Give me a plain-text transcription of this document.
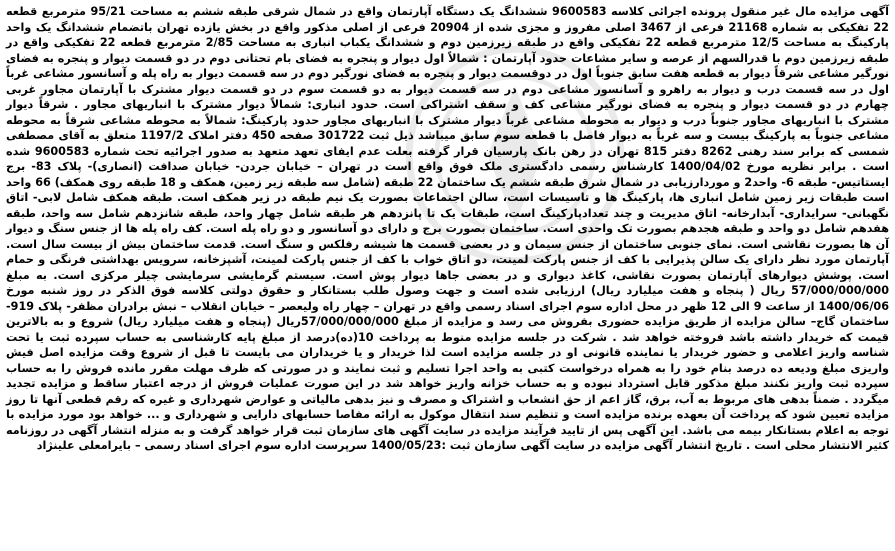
آگهی مزایده مال غیر منقول پرونده اجرائی کلاسه 9600583 ششدانگ یک دستگاه آپارتمان واقع در شمال شرقی طبقه ششم به مساحت 95/21 مترمربع قطعه 22 تفکیکی به شماره 21168 فرعی از 3467 اصلی مفروز و مجزی شده از 20904 فرعی از اصلی مذکور واقع در بخش یازده تهران باتضمام ششدانگ یک واحد پارکینگ به مساحت 12/5 مترمربع قطعه 22 تفکیکی واقع در طبقه زیرزمین دوم و ششدانگ یکباب انباری به مساحت 2/85 مترمربع قطعه 22 تفکیکی واقع در طبقه زیرزمین دوم با قدرالسهم از عرصه و سایر مشاعات حدود آپارتمان : شمالاً اول دیوار و پنجره به فضای بام تحتانی دوم در دو قسمت دیوار و پنجره به فضای نورگیر مشاعی شرقاً دیوار به قطعه هفت سابق جنوباً اول در دوقسمت دیوار و پنجره به فضای نورگیر دوم در سه قسمت دیوار به راه پله و آسانسور مشاعی غرباً اول در سه قسمت درب و دیوار به راهرو و آسانسور مشاعی دوم در سه قسمت دیوار به دو قسمت سوم در دو قسمت دیوار مشترک با آپارتمان مجاور غربی چهارم در دو قسمت دیوار و پنجره به فضای نورگیر مشاعی کف و سقف اشتراکی است. حدود انباری: شمالاً دیوار مشترک با انباریهای مجاور . شرقاً دیوار مشترک با انباریهای مجاور جنوباً درب و دیوار به محوطه مشاعی غرباً دیوار مشترک با انباریهای مجاور حدود پارکینگ: شمالاً به محوطه مشاعی شرقاً به محوطه مشاعی جنوباً به پارکینگ بیست و سه غرباً به دیوار فاصل با قطعه سوم سابق میباشد ذیل ثبت 301722 صفحه 450 دفتر املاک 1197/2 متعلق به آقای مصطفی شمسی که برابر سند رهنی 8262 دفتر 815 تهران در رهن بانک پارسیان قرار گرفته بعلت عدم ایفای تعهد متعهد به صدور اجرائیه تحت شماره 9600583 شده است . برابر نظریه مورخ 1400/04/02 کارشناس رسمی دادگستری ملک فوق واقع است در تهران – خیابان جردن- خیابان صدافت (انصاری)- پلاک 83- برج ایستاتیس- طبقه 6- واحد2 و موردارزیابی در شمال شرق طبقه ششم یک ساختمان 22 طبقه (شامل سه طبقه زیر زمین، همکف و 18 طبقه روی همکف) 66 واحد است طبقات زیر زمین شامل انباری ها، پارکینگ ها و تاسیسات است، سالن اجتماعات بصورت یک نیم طبقه در زیر همکف است. طبقه همکف شامل لابی- اتاق نگهبانی- سرایداری- آبدارخانه- اتاق مدیریت و چند تعدادپارکینگ است، طبقات یک تا پانزدهم هر طبقه شامل چهار واحد، طبقه شانزدهم شامل سه واحد، طبقه هفدهم شامل دو واحد و طبقه هجدهم بصورت تک واحدی است. ساختمان بصورت برج و دارای دو آسانسور و دو راه پله است. کف راه پله ها از جنس سنگ و دیوار آن ها بصورت نقاشی است. نمای جنوبی ساختمان از جنس سیمان و در بعضی قسمت ها شیشه رفلکس و سنگ است. قدمت ساختمان بیش از بیست سال است. آپارتمان مورد نظر دارای یک سالن پذیرایی با کف از جنس پارکت لمینت، دو اتاق خواب با کف از جنس پارکت لمینت، آشپزخانه، سرویس بهداشتی فرنگی و حمام است. پوشش دیوارهای آپارتمان بصورت نقاشی، کاغذ دیواری و در بعضی جاها دیوار پوش است. سیستم گرمایشی سرمایشی چیلر مرکزی است. به مبلغ 57/000/000/000 ریال ( پنجاه و هفت میلیارد ریال) ارزیابی شده است و جهت وصول طلب بستانکار و حقوق دولتی کلاسه فوق الذکر در روز شنبه مورخ 1400/06/06 از ساعت 9 الی 12 ظهر در محل اداره سوم اجرای اسناد رسمی واقع در تهران – چهار راه ولیعصر – خیابان انقلاب – نبش برادران مظفر- پلاک 919- ساختمان گاج– سالن مزایده از طریق مزایده حضوری بفروش می رسد و مزایده از مبلغ 57/000/000/000ریال (پنجاه و هفت میلیارد ریال) شروع و به بالاترین قیمت که خریدار داشته باشد فروخته خواهد شد . شرکت در جلسه مزایده منوط به پرداخت 10(ده)درصد از مبلغ پایه کارشناسی به حساب سپرده ثبت یا تحت شناسه واریز اعلامی و حضور خریدار یا نماینده قانونی او در جلسه مزایده است لذا خریدار و یا خریداران می بایست تا قبل از شروع وقت مزایده اصل فیش واریزی مبلغ ودیعه ده درصد بنام خود را به همراه درخواست کتبی به واحد اجرا تسلیم و ثبت نمایند و در صورتی که ظرف مهلت مقرر مانده فروش را به حساب سپرده ثبت واریز نکنند مبلغ مذکور قابل استرداد نبوده و به حساب خزانه واریز خواهد شد در این صورت عملیات فروش از درجه اعتبار ساقط و مزایده تجدید میگردد . ضمناً بدهی های مربوط به آب، برق، گاز اعم از حق انشعاب و اشتراک و مصرف و نیز بدهی مالیاتی و عوارض شهرداری و غیره که رقم قطعی آنها تا روز مزایده تعیین شود که پرداخت آن بعهده برنده مزایده است و تنظیم سند انتقال موکول به ارائه مفاصا حسابهای دارایی و شهرداری و ... خواهد بود مورد مزایده با توجه به اعلام بستانکار بیمه می باشد. این آگهی پس از تایید فرآیند مزایده در سایت آگهی های سازمان ثبت قرار خواهد گرفت و به منزله انتشار آگهی در روزنامه کثیر الانتشار محلی است . تاریخ انتشار آگهی مزایده در سایت آگهی سازمان ثبت :1400/05/23 سرپرست اداره سوم اجرای اسناد رسمی – بایرامعلی علینژاد
